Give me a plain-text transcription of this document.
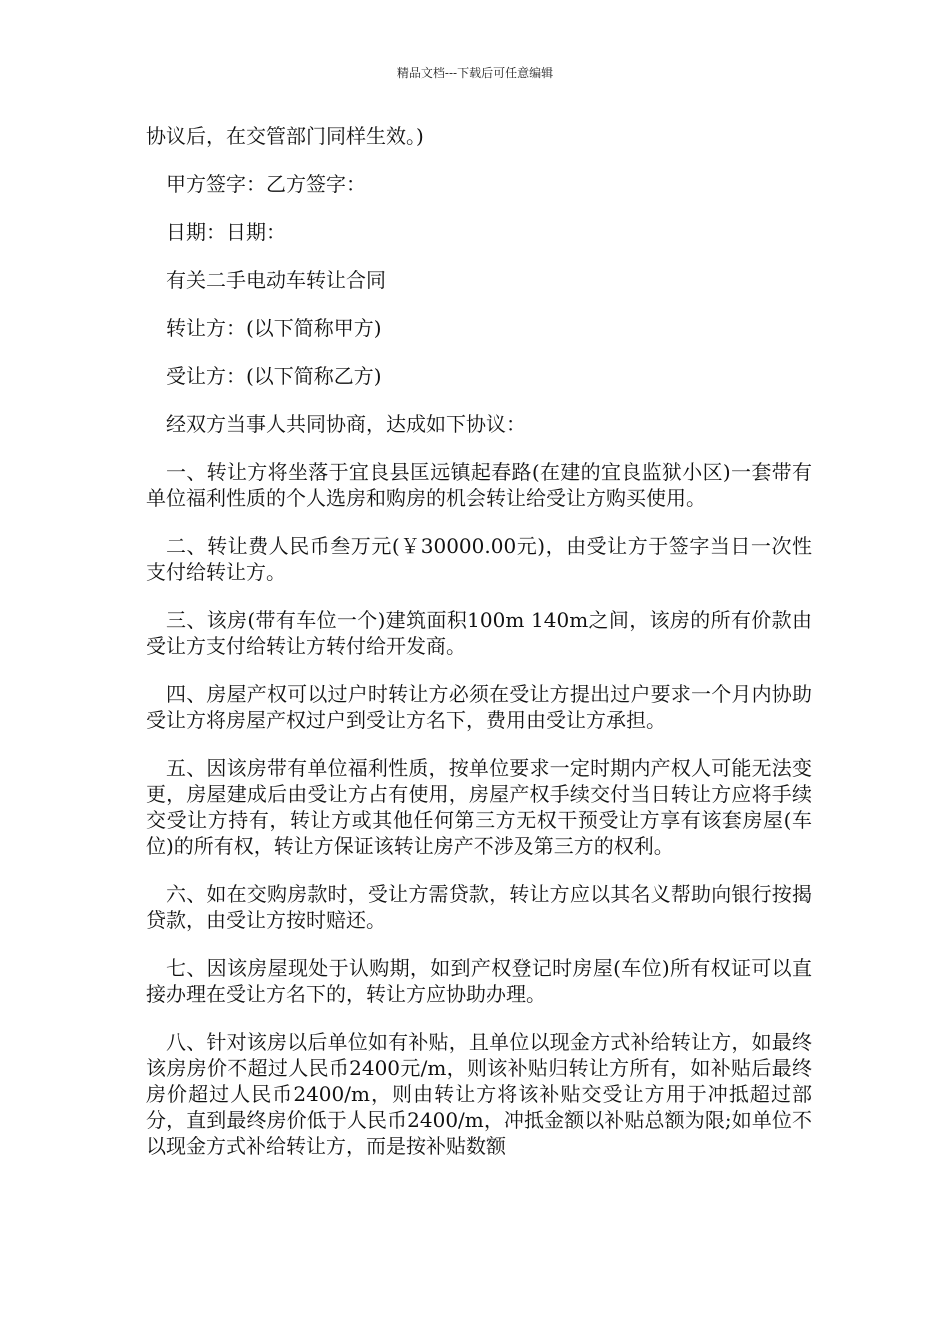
精品文档---下载后可任意编辑

协议后，在交管部门同样生效。)

甲方签字：乙方签字：

日期：日期：

有关二手电动车转让合同

转让方：(以下简称甲方)

受让方：(以下简称乙方)

经双方当事人共同协商，达成如下协议：

一、转让方将坐落于宜良县匡远镇起春路(在建的宜良监狱小区)一套带有单位福利性质的个人选房和购房的机会转让给受让方购买使用。

二、转让费人民币叁万元(￥30000.00元)，由受让方于签字当日一次性支付给转让方。

三、该房(带有车位一个)建筑面积100m 140m之间，该房的所有价款由受让方支付给转让方转付给开发商。

四、房屋产权可以过户时转让方必须在受让方提出过户要求一个月内协助受让方将房屋产权过户到受让方名下，费用由受让方承担。

五、因该房带有单位福利性质，按单位要求一定时期内产权人可能无法变更，房屋建成后由受让方占有使用，房屋产权手续交付当日转让方应将手续交受让方持有，转让方或其他任何第三方无权干预受让方享有该套房屋(车位)的所有权，转让方保证该转让房产不涉及第三方的权利。

六、如在交购房款时，受让方需贷款，转让方应以其名义帮助向银行按揭贷款，由受让方按时赔还。

七、因该房屋现处于认购期，如到产权登记时房屋(车位)所有权证可以直接办理在受让方名下的，转让方应协助办理。

八、针对该房以后单位如有补贴，且单位以现金方式补给转让方，如最终该房房价不超过人民币2400元/m，则该补贴归转让方所有，如补贴后最终房价超过人民币2400/m，则由转让方将该补贴交受让方用于冲抵超过部分，直到最终房价低于人民币2400/m，冲抵金额以补贴总额为限;如单位不以现金方式补给转让方，而是按补贴数额
